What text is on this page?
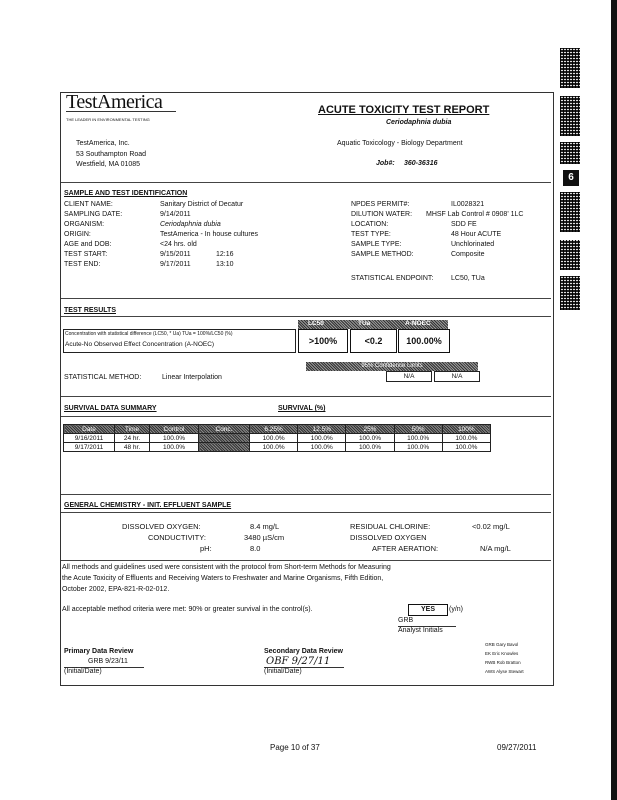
6
TestAmerica
THE LEADER IN ENVIRONMENTAL TESTING
ACUTE TOXICITY TEST REPORT
Ceriodaphnia dubia
TestAmerica, Inc.
53 Southampton Road
Westfield, MA 01085
Aquatic Toxicology - Biology Department
Job#: 360-36316
SAMPLE AND TEST IDENTIFICATION
CLIENT NAME:	Sanitary District of Decatur
SAMPLING DATE:	9/14/2011
ORGANISM:	Ceriodaphnia dubia
ORIGIN:	TestAmerica - In house cultures
AGE and DOB:	<24 hrs. old
TEST START:	9/15/2011	12:16
TEST END:	9/17/2011	13:10
NPDES PERMIT#:	IL0028321
DILUTION WATER: MHSF Lab Control # 0908' 1LC
LOCATION:	SDD FE
TEST TYPE:	48 Hour ACUTE
SAMPLE TYPE:	Unchlorinated
SAMPLE METHOD:	Composite
STATISTICAL ENDPOINT:	LC50, TUa
TEST RESULTS
LC50	TUa	A-NOEC
Concentration with statistical difference (LC50, * Ua) TUa = 100%/LC50 (%)
Acute-No Observed Effect Concentration (A-NOEC)	>100%	<0.2	100.00%
STATISTICAL METHOD:	Linear Interpolation
95% Confidence Limits
N/A	N/A
SURVIVAL DATA SUMMARY	SURVIVAL (%)
Date	Time	Control	Conc.	6.25%	12.5%	25%	50%	100%
9/16/2011	24 hr.	100.0%		100.0%	100.0%	100.0%	100.0%	100.0%
9/17/2011	48 hr.	100.0%		100.0%	100.0%	100.0%	100.0%	100.0%
GENERAL CHEMISTRY - INIT. EFFLUENT SAMPLE
DISSOLVED OXYGEN:	8.4 mg/L
CONDUCTIVITY:	3480 µS/cm
pH:	8.0
RESIDUAL CHLORINE:	<0.02 mg/L
DISSOLVED OXYGEN
AFTER AERATION:	N/A mg/L
All methods and guidelines used were consistent with the protocol from Short-term Methods for Measuring
the Acute Toxicity of Effluents and Receiving Waters to Freshwater and Marine Organisms, Fifth Edition,
October 2002, EPA-821-R-02-012.
All acceptable method criteria were met: 90% or greater survival in the control(s).	YES	(y/n)
GRB
Analyst Initials
Primary Data Review
GRB 9/23/11
(Initial/Date)
Secondary Data Review
OBF 9/27/11
(Initial/Date)
GRB Gary Bavol
EK Eric Knowles
RWB Rob Bratton
AWS Alyse Stewart
Page 10 of 37	09/27/2011
